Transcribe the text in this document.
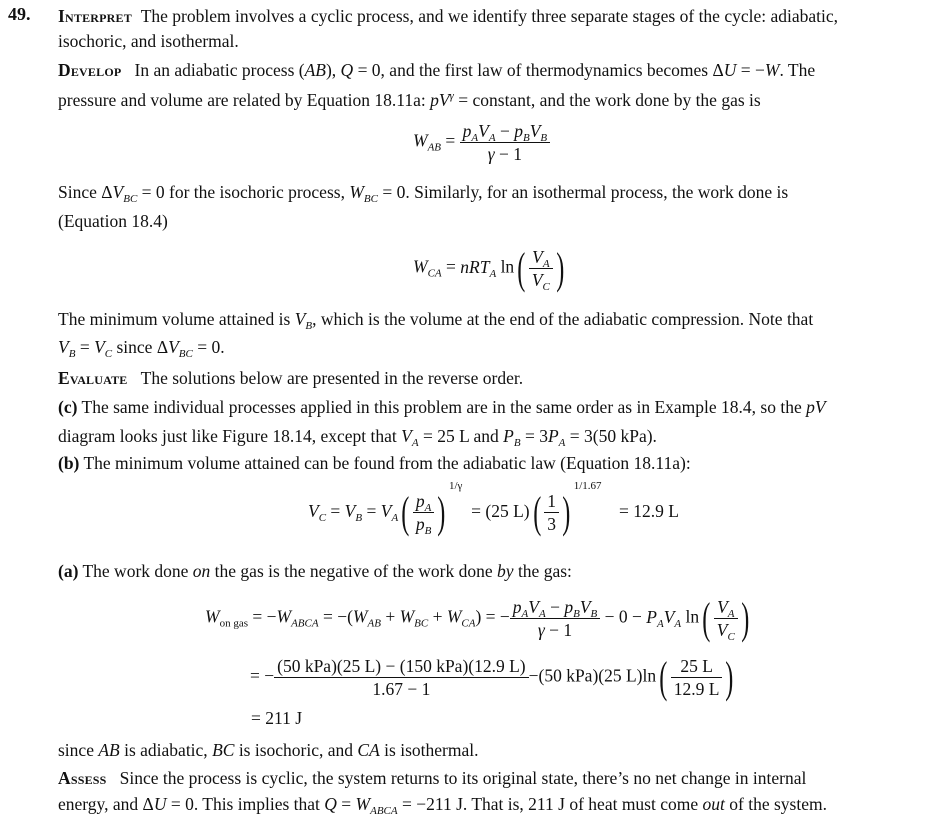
49. Interpret The problem involves a cyclic process, and we identify three separate stages of the cycle: adiabatic,
isochoric, and isothermal.
Develop In an adiabatic process (AB), Q = 0, and the first law of thermodynamics becomes ΔU = −W. The
pressure and volume are related by Equation 18.11a: $pV^\gamma$ = constant, and the work done by the gas is
$W_{AB} = \frac{p_AV_A - p_BV_B}{\gamma - 1}$
Since $\Delta V_{BC} = 0$ for the isochoric process, $W_{BC} = 0$. Similarly, for an isothermal process, the work done is
(Equation 18.4)
$W_{CA} = nRT_A$ $\ln( \frac{V_A}{V_C}$ )
The minimum volume attained is $V_B$, which is the volume at the end of the adiabatic compression. Note that
$V_B = V_C$ since $\Delta V_{BC} = 0$.
Evaluate The solutions below are presented in the reverse order.
(c) The same individual processes applied in this problem are in the same order as in Example 18.4, so the pV
diagram looks just like Figure 18.14, except that $V_A = 25$ L and $P_B = 3P_A = 3(50$ kPa).
(b) The minimum volume attained can be found from the adiabatic law (Equation 18.11a):
$V_C = V_B = V_A( \frac{p_A}{p_B} )^{1/\gamma} = (25$ $L)( \frac{1}{3} )^{1/1.67}$    = 12.9 L
(a) The work done on the gas is the negative of the work done by the gas:
$W_{on gas} = -W_{ABCA} = -(W_{AB} + W_{BC} + W_{CA})$ = − $\frac{p_AV_A - p_BV_B}{\gamma - 1} - 0 - P_AV_A$ $\ln( \frac{V_A}{V_C}$ )
= − $\frac{\text{(50 kPa)(25 L) − (150 kPa)(12.9 L)}}{1.67 - 1} -(50$ kPa)(25 $L)\ln( \frac{25 L}{12.9 L}$ )
= 211 J
since AB is adiabatic, BC is isochoric, and CA is isothermal.
Assess Since the process is cyclic, the system returns to its original state, there’s no net change in internal
energy, and ΔU = 0. This implies that $Q = W_{ABCA} = -211$ J. That is, 211 J of heat must come out of the system.
